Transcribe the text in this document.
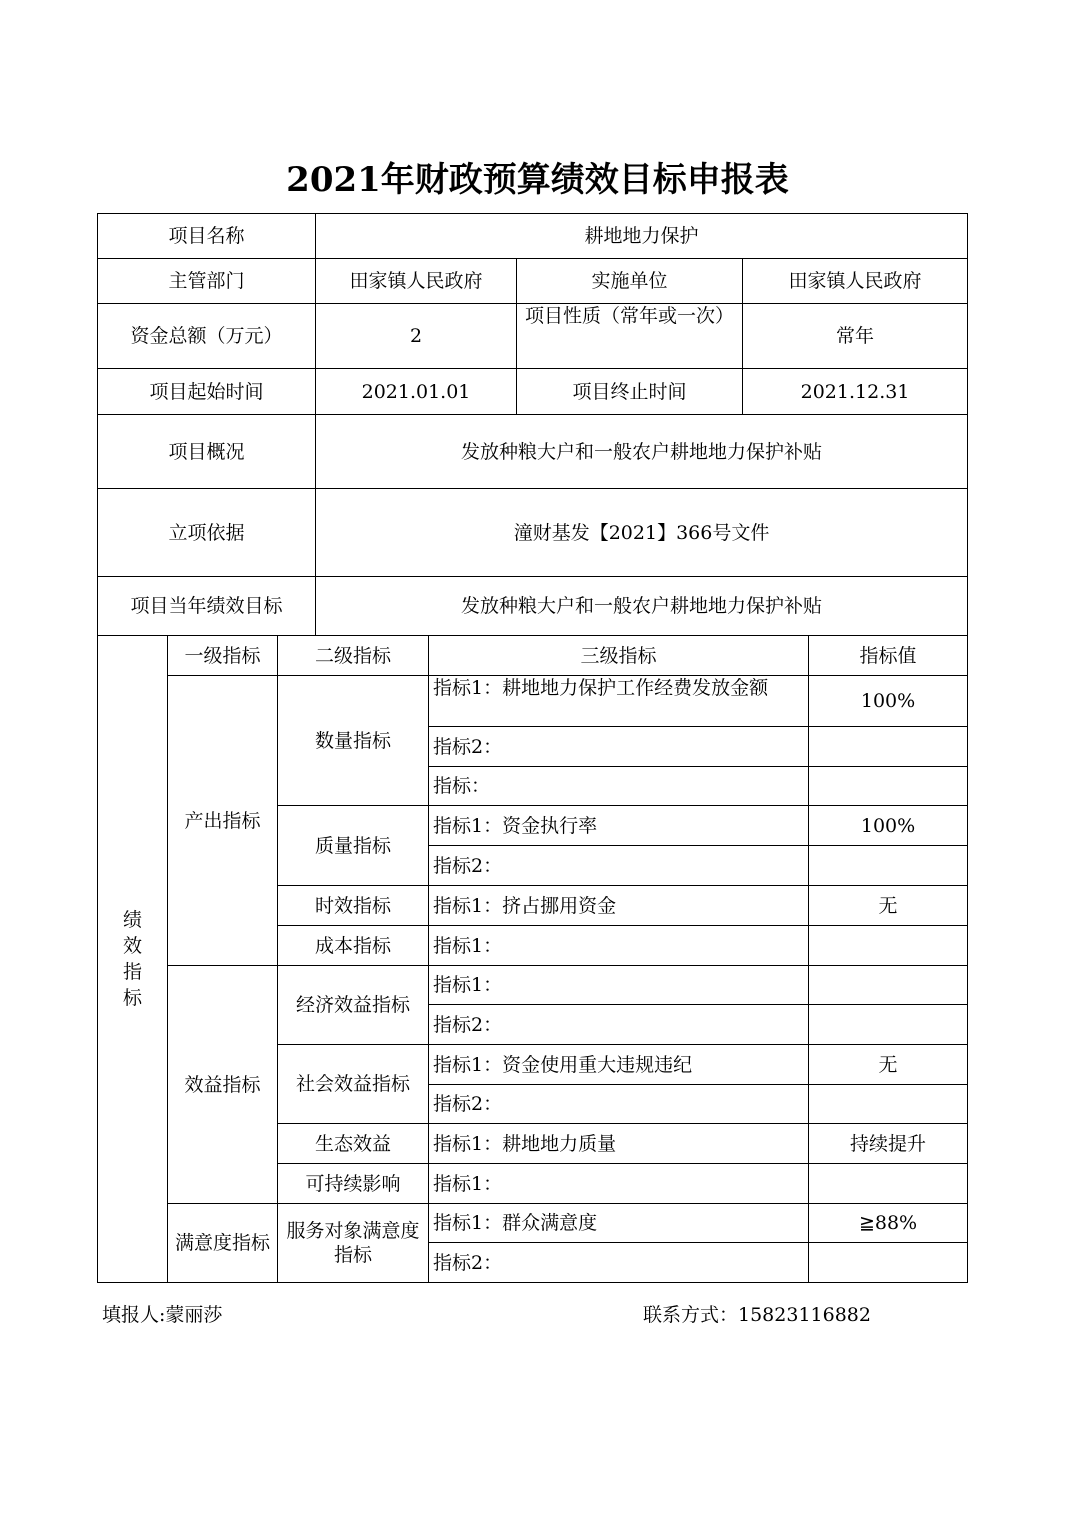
2021年财政预算绩效目标申报表
项目名称			耕地地力保护				
主管部门			田家镇人民政府		实施单位	田家镇人民政府	
资金总额（万元）			2		项目性质（常年或一次）	常年	
项目起始时间			2021.01.01		项目终止时间	2021.12.31	
项目概况			发放种粮大户和一般农户耕地地力保护补贴				
立项依据			潼财基发【2021】366号文件				
项目当年绩效目标			发放种粮大户和一般农户耕地地力保护补贴				

绩效指标	一级指标	二级指标		三级指标			指标值
	产出指标	数量指标		指标1：耕地地力保护工作经费发放金额			100%
				指标2：			
				指标：			
		质量指标		指标1：资金执行率			100%
				指标2：			
		时效指标		指标1：挤占挪用资金			无
		成本指标		指标1：			
	效益指标	经济效益指标		指标1：			
				指标2：			
		社会效益指标		指标1：资金使用重大违规违纪			无
				指标2：			
		生态效益		指标1：耕地地力质量			持续提升
		可持续影响		指标1：			
	满意度指标	服务对象满意度指标		指标1：群众满意度			≧88%
				指标2：			
填报人:蒙丽莎	联系方式：15823116882
